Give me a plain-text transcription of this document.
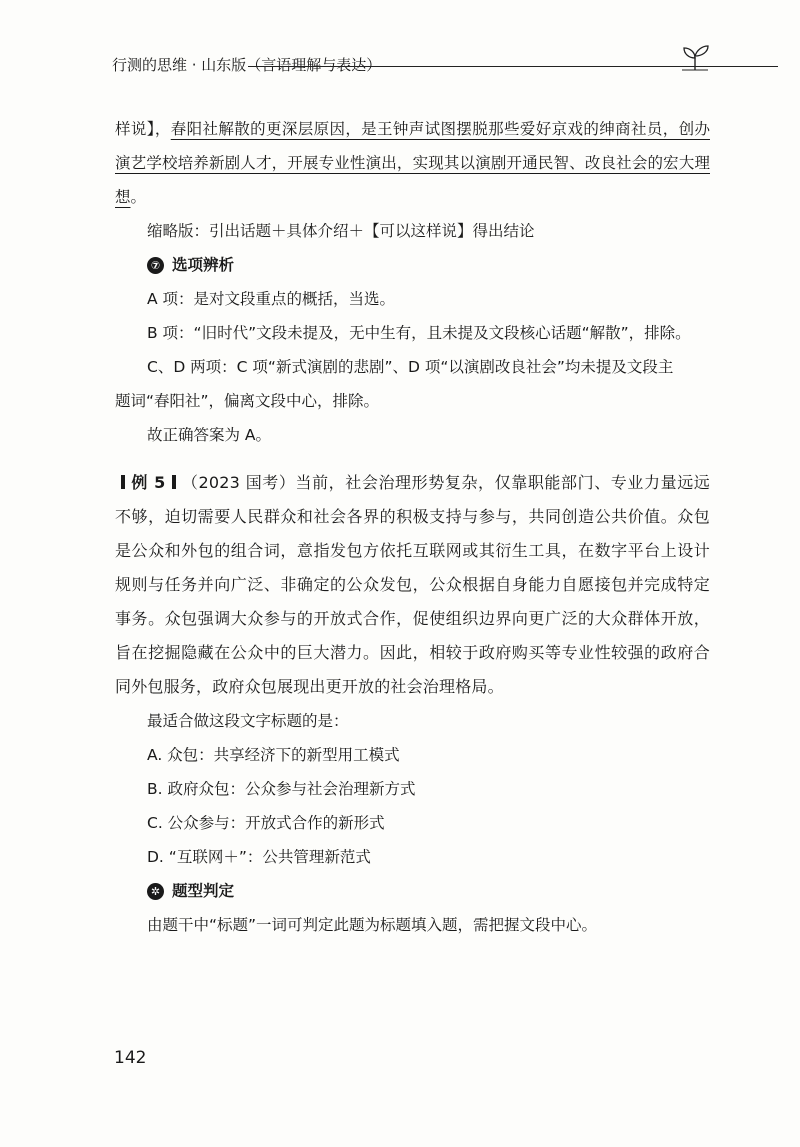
行测的思维 · 山东版（言语理解与表达）

样说】，春阳社解散的更深层原因，是王钟声试图摆脱那些爱好京戏的绅商社员，创办演艺学校培养新剧人才，开展专业性演出，实现其以演剧开通民智、改良社会的宏大理想。

缩略版：引出话题＋具体介绍＋【可以这样说】得出结论

⑦ 选项辨析

A 项：是对文段重点的概括，当选。

B 项：“旧时代”文段未提及，无中生有，且未提及文段核心话题“解散”，排除。

C、D 两项：C 项“新式演剧的悲剧”、D 项“以演剧改良社会”均未提及文段主

题词“春阳社”，偏离文段中心，排除。

故正确答案为 A。

例 5 （2023 国考）当前，社会治理形势复杂，仅靠职能部门、专业力量远远不够，迫切需要人民群众和社会各界的积极支持与参与，共同创造公共价值。众包是公众和外包的组合词，意指发包方依托互联网或其衍生工具，在数字平台上设计规则与任务并向广泛、非确定的公众发包，公众根据自身能力自愿接包并完成特定事务。众包强调大众参与的开放式合作，促使组织边界向更广泛的大众群体开放，旨在挖掘隐藏在公众中的巨大潜力。因此，相较于政府购买等专业性较强的政府合同外包服务，政府众包展现出更开放的社会治理格局。

最适合做这段文字标题的是：

A. 众包：共享经济下的新型用工模式

B. 政府众包：公众参与社会治理新方式

C. 公众参与：开放式合作的新形式

D. “互联网＋”：公共管理新范式

✲ 题型判定

由题干中“标题”一词可判定此题为标题填入题，需把握文段中心。

142
